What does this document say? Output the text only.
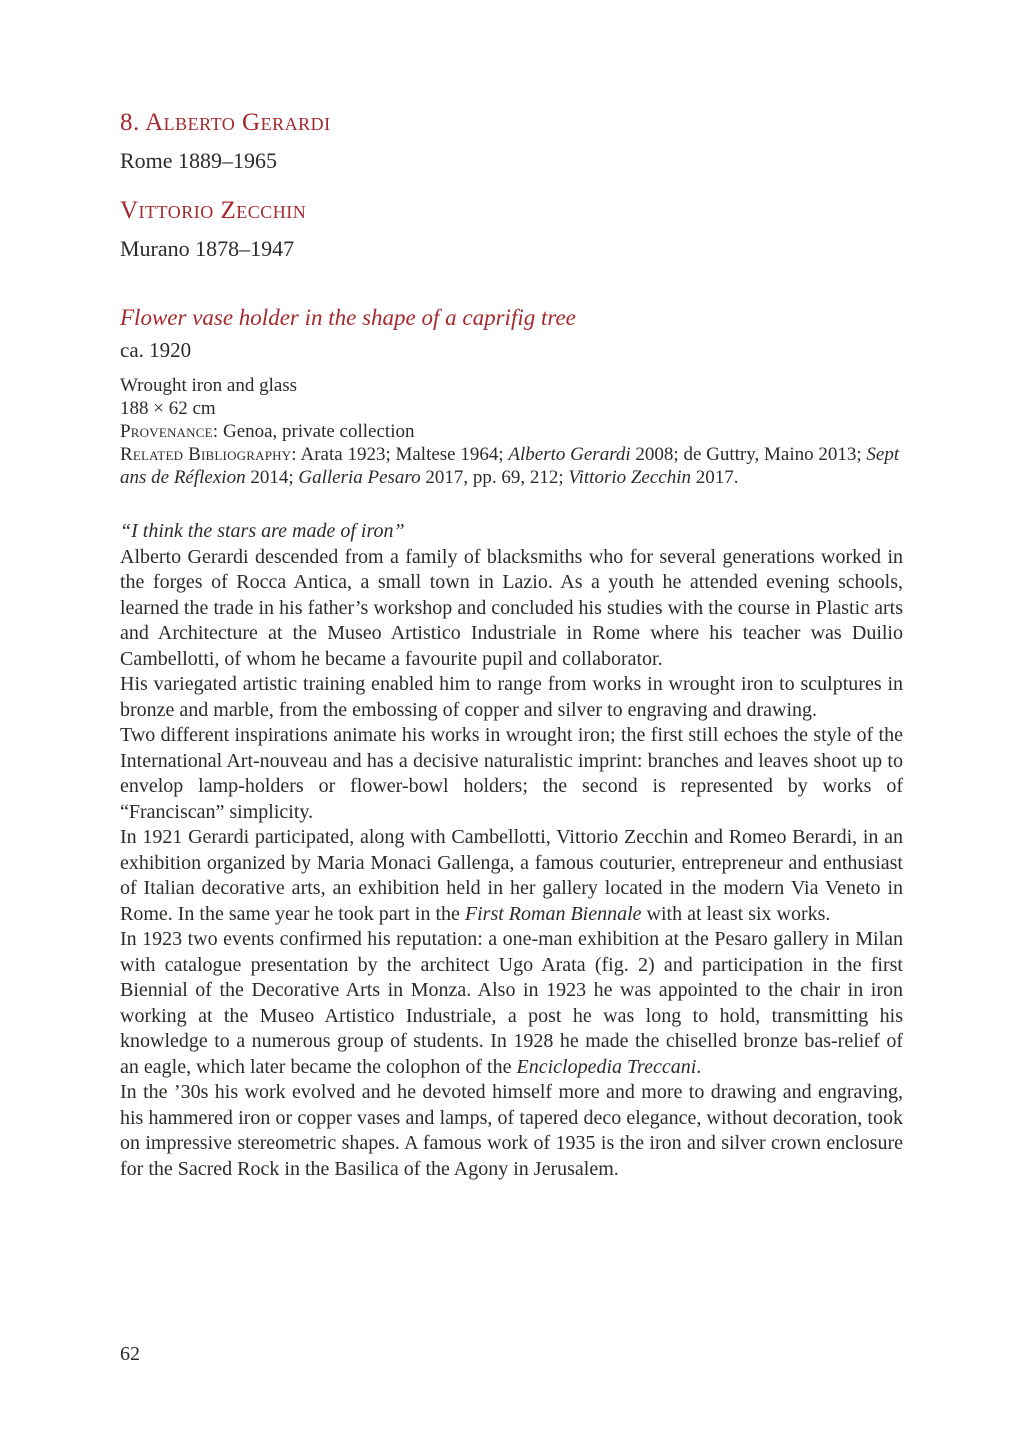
8. Alberto Gerardi
Rome 1889–1965
Vittorio Zecchin
Murano 1878–1947
Flower vase holder in the shape of a caprifig tree
ca. 1920
Wrought iron and glass
188 × 62 cm
Provenance: Genoa, private collection
Related Bibliography: Arata 1923; Maltese 1964; Alberto Gerardi 2008; de Guttry, Maino 2013; Sept ans de Réflexion 2014; Galleria Pesaro 2017, pp. 69, 212; Vittorio Zecchin 2017.

“I think the stars are made of iron”

Alberto Gerardi descended from a family of blacksmiths who for several generations worked in the forges of Rocca Antica, a small town in Lazio. As a youth he attended evening schools, learned the trade in his father’s workshop and concluded his studies with the course in Plastic arts and Architecture at the Museo Artistico Industriale in Rome where his teacher was Duilio Cambellotti, of whom he became a favourite pupil and collaborator.

His variegated artistic training enabled him to range from works in wrought iron to sculptures in bronze and marble, from the embossing of copper and silver to engraving and drawing.

Two different inspirations animate his works in wrought iron; the first still echoes the style of the International Art-nouveau and has a decisive naturalistic imprint: branches and leaves shoot up to envelop lamp-holders or flower-bowl holders; the second is represented by works of “Franciscan” simplicity.

In 1921 Gerardi participated, along with Cambellotti, Vittorio Zecchin and Romeo Berardi, in an exhibition organized by Maria Monaci Gallenga, a famous couturier, entrepreneur and enthusiast of Italian decorative arts, an exhibition held in her gallery located in the modern Via Veneto in Rome. In the same year he took part in the First Roman Biennale with at least six works.

In 1923 two events confirmed his reputation: a one-man exhibition at the Pesaro gallery in Milan with catalogue presentation by the architect Ugo Arata (fig. 2) and participation in the first Biennial of the Decorative Arts in Monza. Also in 1923 he was appointed to the chair in iron working at the Museo Artistico Industriale, a post he was long to hold, transmitting his knowledge to a numerous group of students. In 1928 he made the chiselled bronze bas-relief of an eagle, which later became the colophon of the Enciclopedia Treccani.

In the ’30s his work evolved and he devoted himself more and more to drawing and engraving, his hammered iron or copper vases and lamps, of tapered deco elegance, without decoration, took on impressive stereometric shapes. A famous work of 1935 is the iron and silver crown enclosure for the Sacred Rock in the Basilica of the Agony in Jerusalem.

62
